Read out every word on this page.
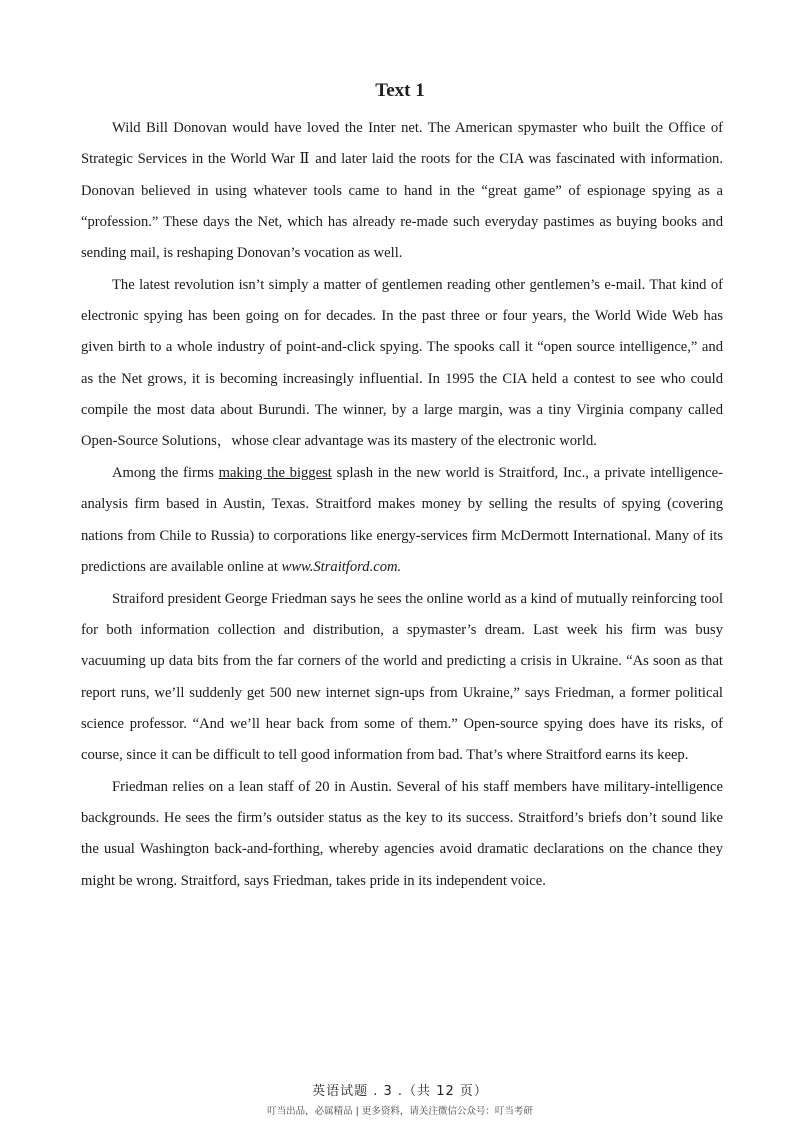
Text 1

Wild Bill Donovan would have loved the Inter net. The American spymaster who built the Office of Strategic Services in the World War Ⅱ and later laid the roots for the CIA was fascinated with information. Donovan believed in using whatever tools came to hand in the “great game” of espionage spying as a “profession.” These days the Net, which has already re-made such everyday pastimes as buying books and sending mail, is reshaping Donovan’s vocation as well.

The latest revolution isn’t simply a matter of gentlemen reading other gentlemen’s e-mail. That kind of electronic spying has been going on for decades. In the past three or four years, the World Wide Web has given birth to a whole industry of point-and-click spying. The spooks call it “open source intelligence,” and as the Net grows, it is becoming increasingly influential. In 1995 the CIA held a contest to see who could compile the most data about Burundi. The winner, by a large margin, was a tiny Virginia company called Open-Source Solutions，whose clear advantage was its mastery of the electronic world.

Among the firms making the biggest splash in the new world is Straitford, Inc., a private intelligence-analysis firm based in Austin, Texas. Straitford makes money by selling the results of spying (covering nations from Chile to Russia) to corporations like energy-services firm McDermott International. Many of its predictions are available online at www.Straitford.com.

Straiford president George Friedman says he sees the online world as a kind of mutually reinforcing tool for both information collection and distribution, a spymaster’s dream. Last week his firm was busy vacuuming up data bits from the far corners of the world and predicting a crisis in Ukraine. “As soon as that report runs, we’ll suddenly get 500 new internet sign-ups from Ukraine,” says Friedman, a former political science professor. “And we’ll hear back from some of them.” Open-source spying does have its risks, of course, since it can be difficult to tell good information from bad. That’s where Straitford earns its keep.

Friedman relies on a lean staff of 20 in Austin. Several of his staff members have military-intelligence backgrounds. He sees the firm’s outsider status as the key to its success. Straitford’s briefs don’t sound like the usual Washington back-and-forthing, whereby agencies avoid dramatic declarations on the chance they might be wrong. Straitford, says Friedman, takes pride in its independent voice.

英语试题 . 3 .（共 12 页）
叮当出品，必属精品 | 更多资料，请关注微信公众号：叮当考研
